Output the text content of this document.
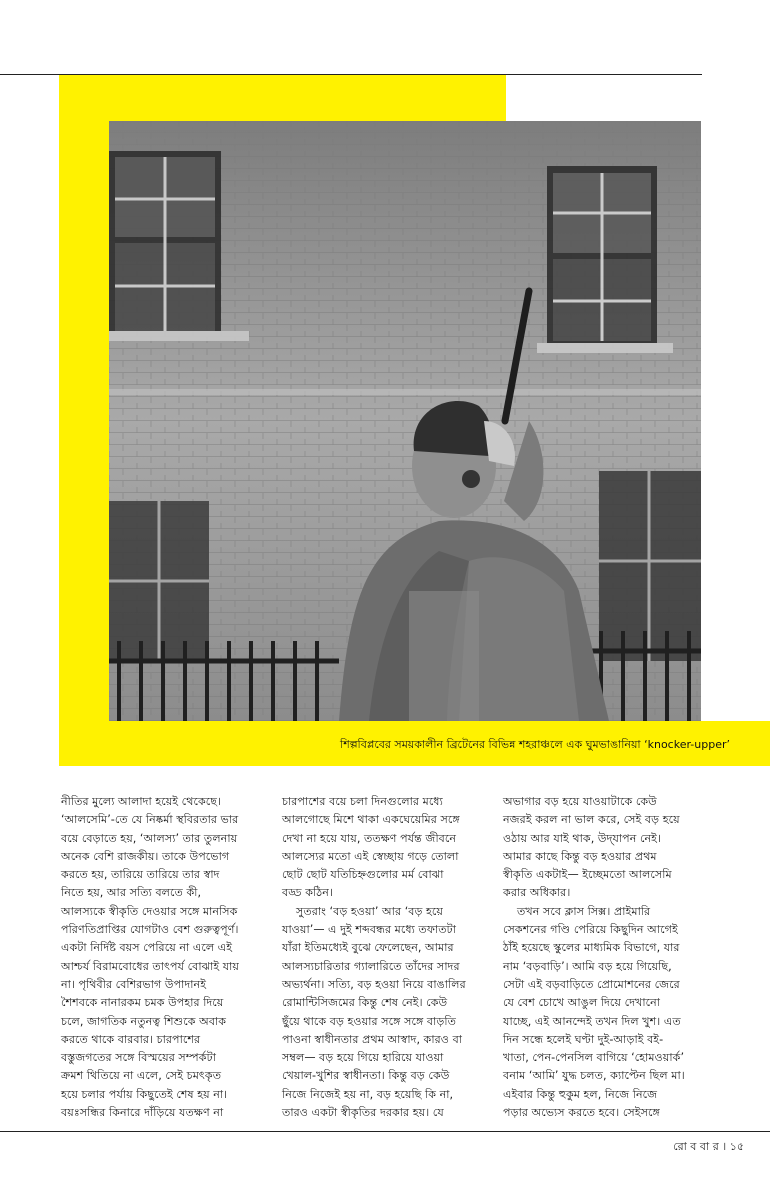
শিল্পবিপ্লবের সময়কালীন ব্রিটেনের বিভিন্ন শহরাঞ্চলে এক ঘুমভাঙানিয়া ‘knocker-upper’

নীতির মুল্যে আলাদা হয়েই থেকেছে।

‘আলসেমি’-তে যে নিষ্কর্মা স্থবিরতার ভার

বয়ে বেড়াতে হয়, ‘আলস্য’ তার তুলনায়

অনেক বেশি রাজকীয়। তাকে উপভোগ

করতে হয়, তারিয়ে তারিয়ে তার স্বাদ

নিতে হয়, আর সত্যি বলতে কী,

আলস্যকে স্বীকৃতি দেওয়ার সঙ্গে মানসিক

পরিণতিপ্রাপ্তির যোগটাও বেশ গুরুত্বপূর্ণ।

একটা নির্দিষ্ট বয়স পেরিয়ে না এলে এই

আশ্চর্য বিরামবোধের তাৎপর্য বোঝাই যায়

না। পৃথিবীর বেশিরভাগ উপাদানই

শৈশবকে নানারকম চমক উপহার দিয়ে

চলে, জাগতিক নতুনত্ব শিশুকে অবাক

করতে থাকে বারবার। চারপাশের

বস্তুজগতের সঙ্গে বিস্ময়ের সম্পর্কটা

ক্রমশ থিতিয়ে না এলে, সেই চমৎকৃত

হয়ে চলার পর্যায় কিছুতেই শেষ হয় না।

বয়ঃসন্ধির কিনারে দাঁড়িয়ে যতক্ষণ না

চারপাশের বয়ে চলা দিনগুলোর মধ্যে

আলগোছে মিশে থাকা একঘেয়েমির সঙ্গে

দেখা না হয়ে যায়, ততক্ষণ পর্যন্ত জীবনে

আলস্যের মতো এই স্বেচ্ছায় গড়ে তোলা

ছোট ছোট যতিচিহ্নগুলোর মর্ম বোঝা

বড্ড কঠিন।

সুতরাং ‘বড় হওয়া’ আর ‘বড় হয়ে

যাওয়া’— এ দুই শব্দবন্ধর মধ্যে তফাতটা

যাঁরা ইতিমধ্যেই বুঝে ফেলেছেন, আমার

আলস্যচারিতার গ্যালারিতে তাঁদের সাদর

অভ্যর্থনা। সত্যি, বড় হওয়া নিয়ে বাঙালির

রোমান্টিসিজমের কিন্তু শেষ নেই। কেউ

ছুঁয়ে থাকে বড় হওয়ার সঙ্গে সঙ্গে বাড়তি

পাওনা স্বাধীনতার প্রথম আস্বাদ, কারও বা

সম্বল— বড় হয়ে গিয়ে হারিয়ে যাওয়া

খেয়াল-খুশির স্বাধীনতা। কিন্তু বড় কেউ

নিজে নিজেই হয় না, বড় হয়েছি কি না,

তারও একটা স্বীকৃতির দরকার হয়। যে

অভাগার বড় হয়ে যাওয়াটাকে কেউ

নজরই করল না ভাল করে, সেই বড় হয়ে

ওঠায় আর যাই থাক, উদ্‌যাপন নেই।

আমার কাছে কিন্তু বড় হওয়ার প্রথম

স্বীকৃতি একটাই— ইচ্ছেমতো আলসেমি

করার অধিকার।

তখন সবে ক্লাস সিক্স। প্রাইমারি

সেকশনের গণ্ডি পেরিয়ে কিছুদিন আগেই

ঠাঁই হয়েছে স্কুলের মাধ্যমিক বিভাগে, যার

নাম ‘বড়বাড়ি’। আমি বড় হয়ে গিয়েছি,

সেটা এই বড়বাড়িতে প্রোমোশনের জেরে

যে বেশ চোখে আঙুল দিয়ে দেখানো

যাচ্ছে, এই আনন্দেই তখন দিল খুশ। এত

দিন সন্ধে হলেই ঘণ্টা দুই-আড়াই বই-

খাতা, পেন-পেনসিল বাগিয়ে ‘হোমওয়ার্ক’

বনাম ‘আমি’ যুদ্ধ চলত, ক্যাপ্টেন ছিল মা।

এইবার কিন্তু হুকুম হল, নিজে নিজে

পড়ার অভ্যেস করতে হবে। সেইসঙ্গে

রো ব বা র । ১৫
